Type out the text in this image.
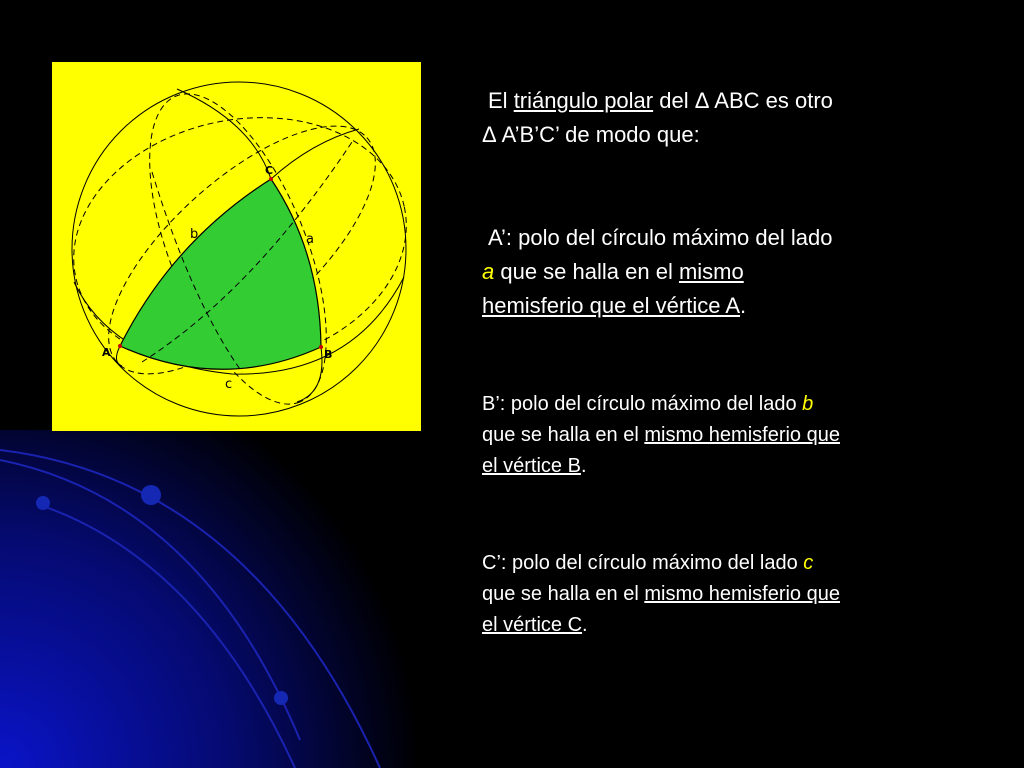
A	B
C
a
b
c
El triángulo polar del Δ ABC es otro
Δ A’B’C’ de modo que:
A’: polo del círculo máximo del lado
a que se halla en el mismo
hemisferio que el vértice A.
B’: polo del círculo máximo del lado b
que se halla en el mismo hemisferio que
el vértice B.
C’: polo del círculo máximo del lado c
que se halla en el mismo hemisferio que
el vértice C.
